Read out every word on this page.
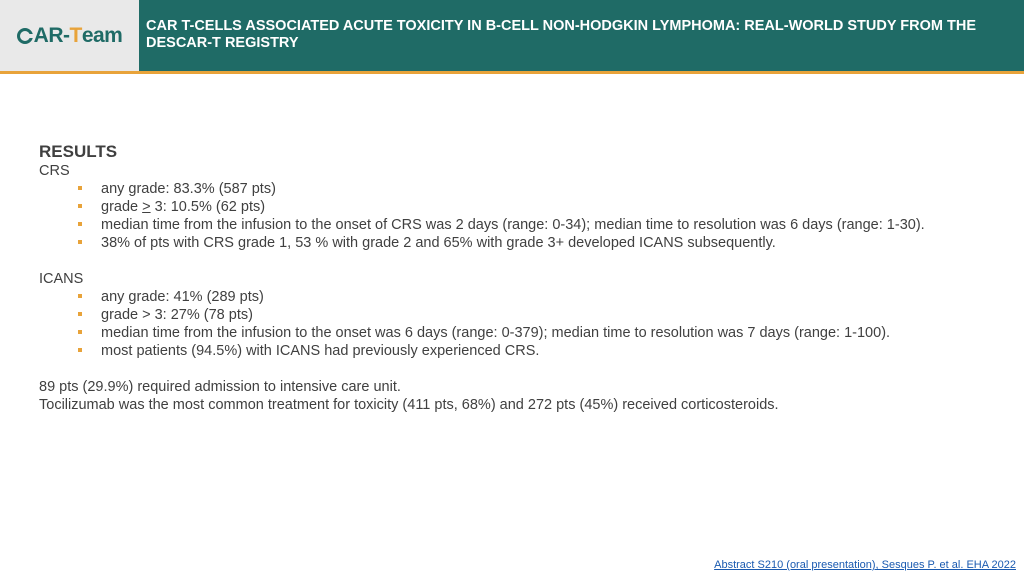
AR- T eam CAR T-CELLS ASSOCIATED ACUTE TOXICITY IN B-CELL NON-HODGKIN LYMPHOMA: REAL-WORLD STUDY FROM THE DESCAR-T REGISTRY

RESULTS

CRS

any grade: 83.3% (587 pts)
grade > 3: 10.5% (62 pts)
median time from the infusion to the onset of CRS was 2 days (range: 0-34); median time to resolution was 6 days (range: 1-30).
38% of pts with CRS grade 1, 53 % with grade 2 and 65% with grade 3+ developed ICANS subsequently.

ICANS

any grade: 41% (289 pts)
grade > 3: 27% (78 pts)
median time from the infusion to the onset was 6 days (range: 0-379); median time to resolution was 7 days (range: 1-100).
most patients (94.5%) with ICANS had previously experienced CRS.

89 pts (29.9%) required admission to intensive care unit.

Tocilizumab was the most common treatment for toxicity (411 pts, 68%) and 272 pts (45%) received corticosteroids.

Abstract S210 (oral presentation), Sesques P. et al. EHA 2022
